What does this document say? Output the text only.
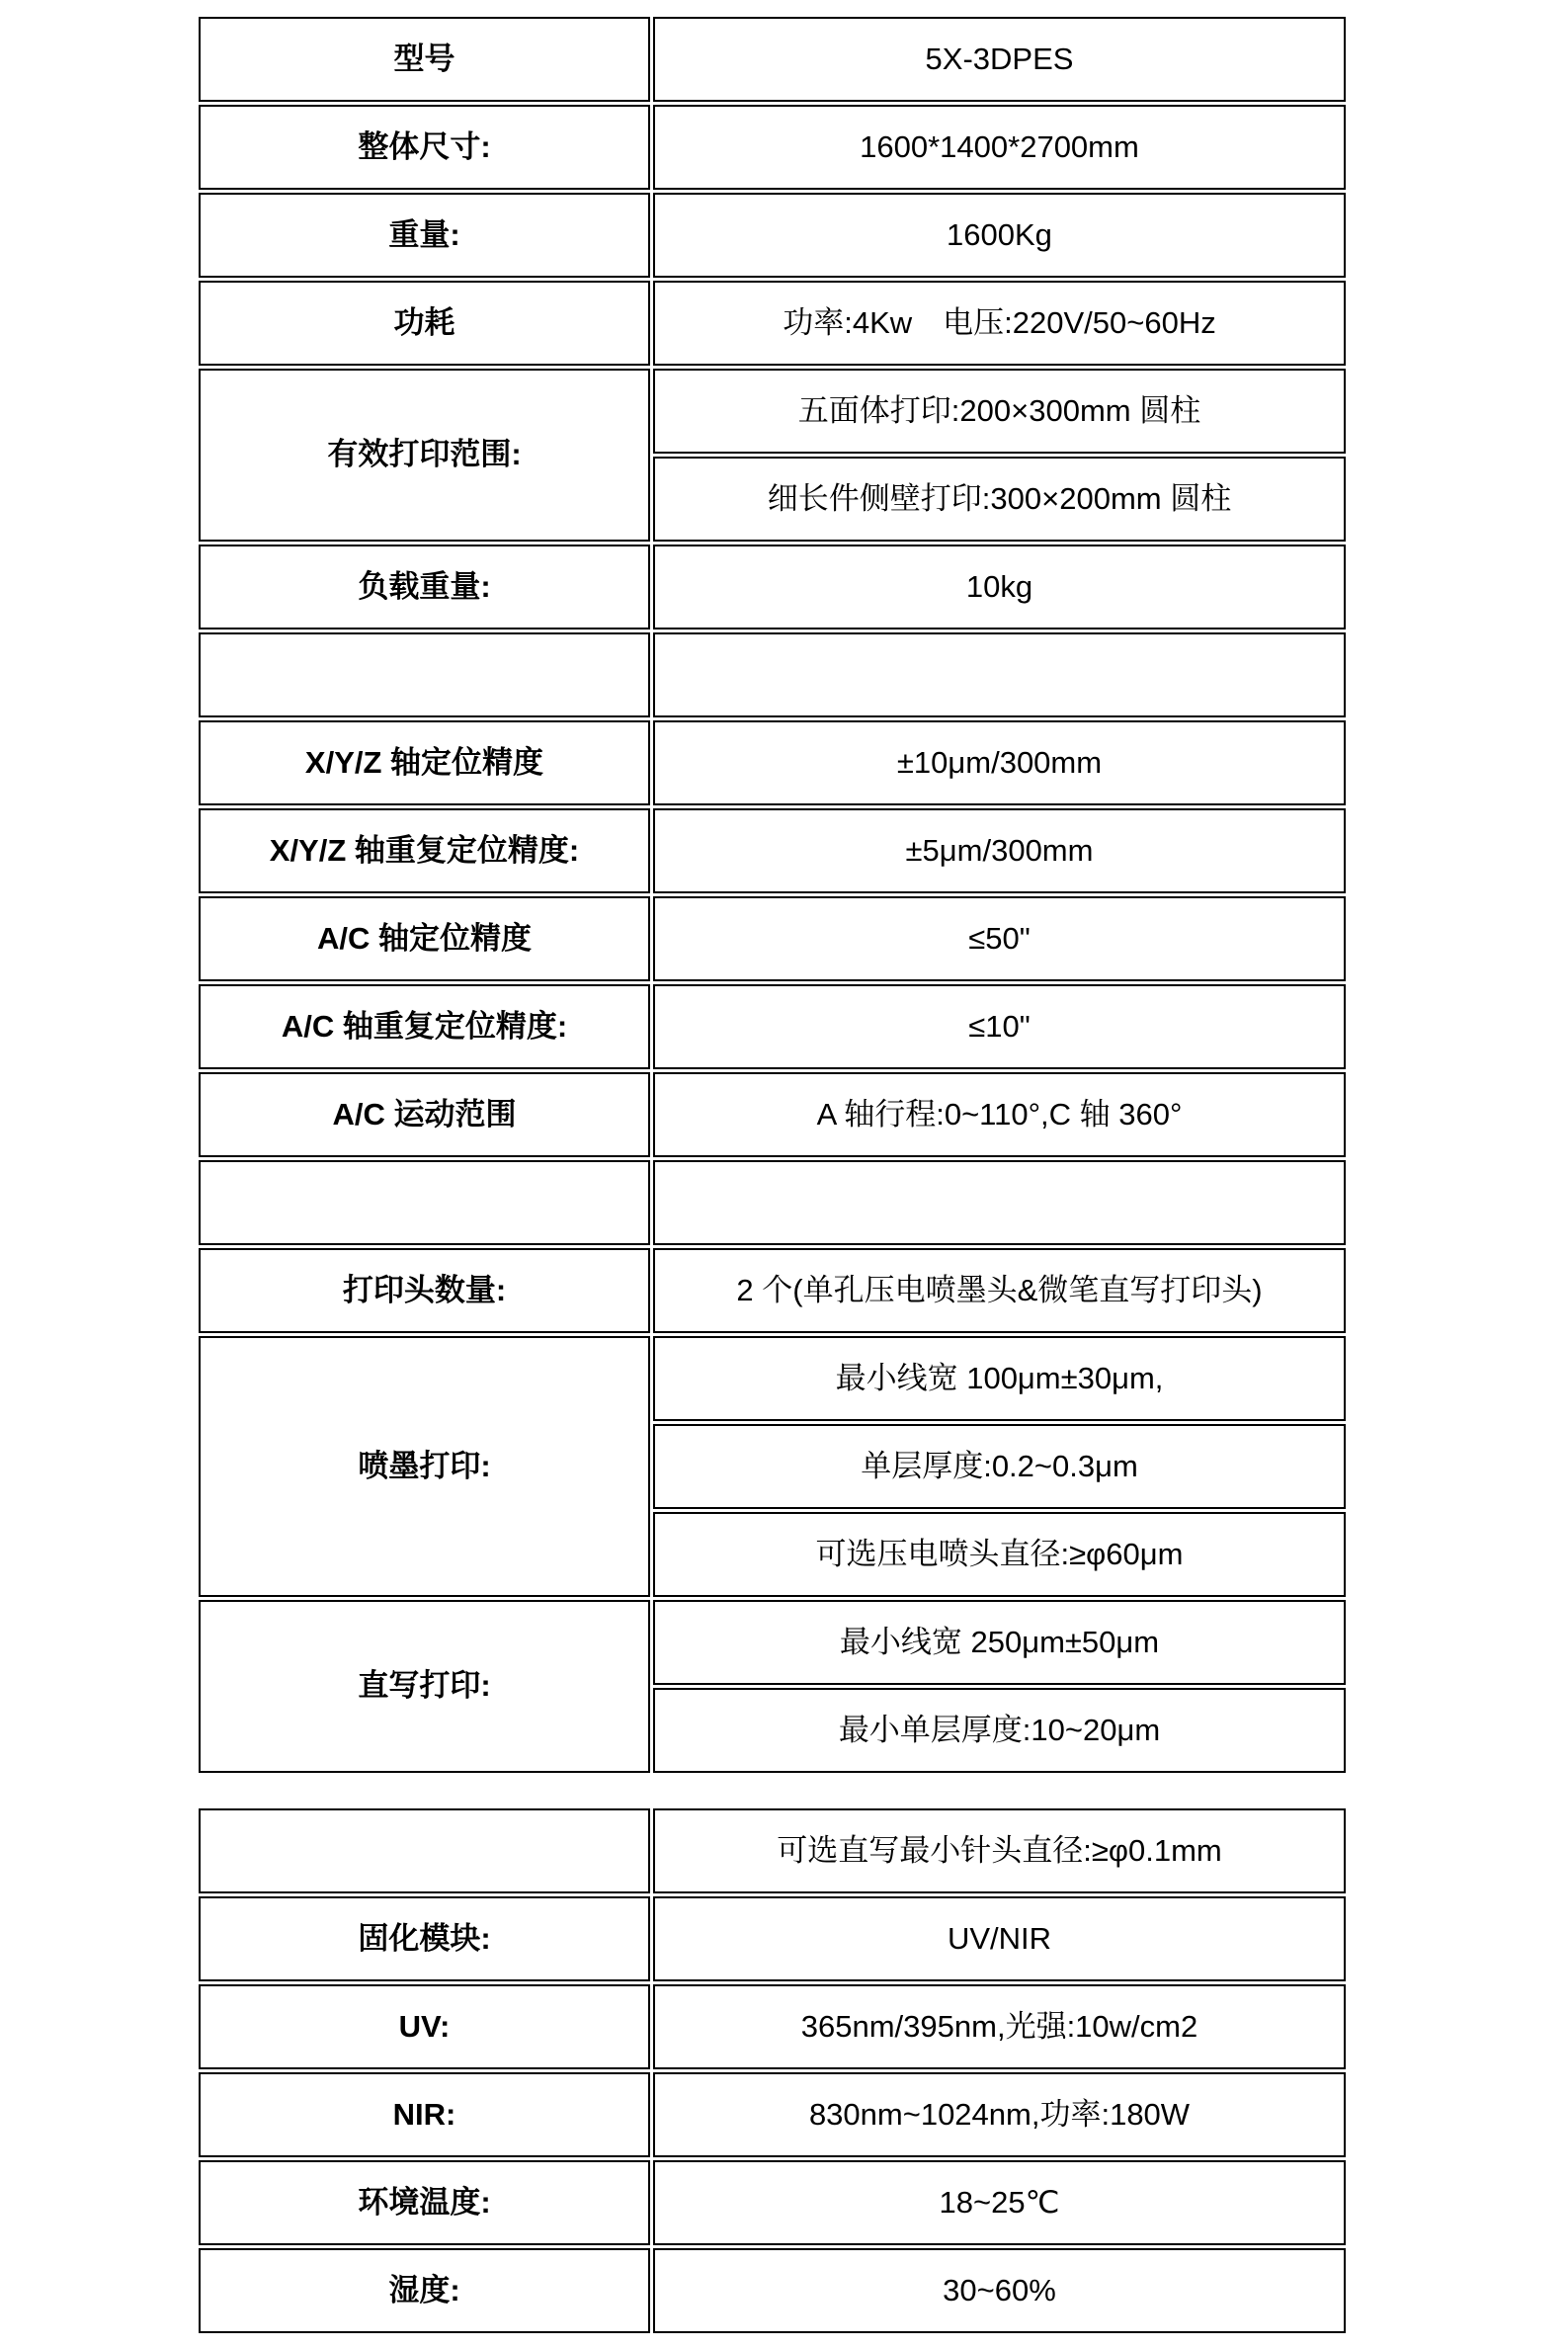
型号	5X-3DPES
整体尺寸:	1600*1400*2700mm
重量:	1600Kg
功耗	功率:4Kw　电压:220V/50~60Hz
有效打印范围:	五面体打印:200×300mm 圆柱
	细长件侧壁打印:300×200mm 圆柱
负载重量:	10kg

X/Y/Z 轴定位精度	±10μm/300mm
X/Y/Z 轴重复定位精度:	±5μm/300mm
A/C 轴定位精度	≤50"
A/C 轴重复定位精度:	≤10"
A/C 运动范围	A 轴行程:0~110°,C 轴 360°

打印头数量:	2 个(单孔压电喷墨头&微笔直写打印头)
喷墨打印:	最小线宽 100μm±30μm,
	单层厚度:0.2~0.3μm
	可选压电喷头直径:≥φ60μm
直写打印:	最小线宽 250μm±50μm
	最小单层厚度:10~20μm
	可选直写最小针头直径:≥φ0.1mm
固化模块:	UV/NIR
UV:	365nm/395nm,光强:10w/cm2
NIR:	830nm~1024nm,功率:180W
环境温度:	18~25℃
湿度:	30~60%
